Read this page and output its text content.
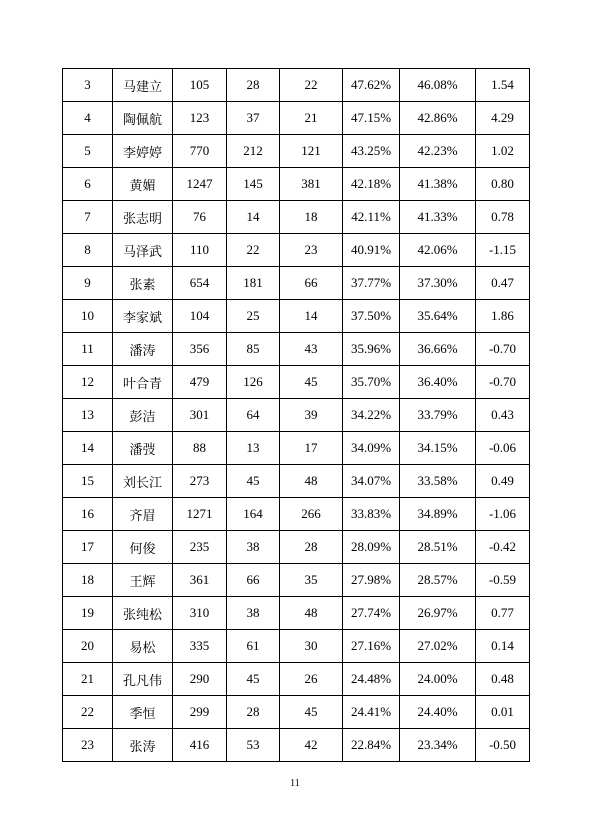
3	马建立	105	28	22	47.62%	46.08%	1.54
4	陶佩航	123	37	21	47.15%	42.86%	4.29
5	李婷婷	770	212	121	43.25%	42.23%	1.02
6	黄媚	1247	145	381	42.18%	41.38%	0.80
7	张志明	76	14	18	42.11%	41.33%	0.78
8	马泽武	110	22	23	40.91%	42.06%	-1.15
9	张素	654	181	66	37.77%	37.30%	0.47
10	李家斌	104	25	14	37.50%	35.64%	1.86
11	潘涛	356	85	43	35.96%	36.66%	-0.70
12	叶合青	479	126	45	35.70%	36.40%	-0.70
13	彭洁	301	64	39	34.22%	33.79%	0.43
14	潘弢	88	13	17	34.09%	34.15%	-0.06
15	刘长江	273	45	48	34.07%	33.58%	0.49
16	齐眉	1271	164	266	33.83%	34.89%	-1.06
17	何俊	235	38	28	28.09%	28.51%	-0.42
18	王辉	361	66	35	27.98%	28.57%	-0.59
19	张纯松	310	38	48	27.74%	26.97%	0.77
20	易松	335	61	30	27.16%	27.02%	0.14
21	孔凡伟	290	45	26	24.48%	24.00%	0.48
22	季恒	299	28	45	24.41%	24.40%	0.01
23	张涛	416	53	42	22.84%	23.34%	-0.50
11
